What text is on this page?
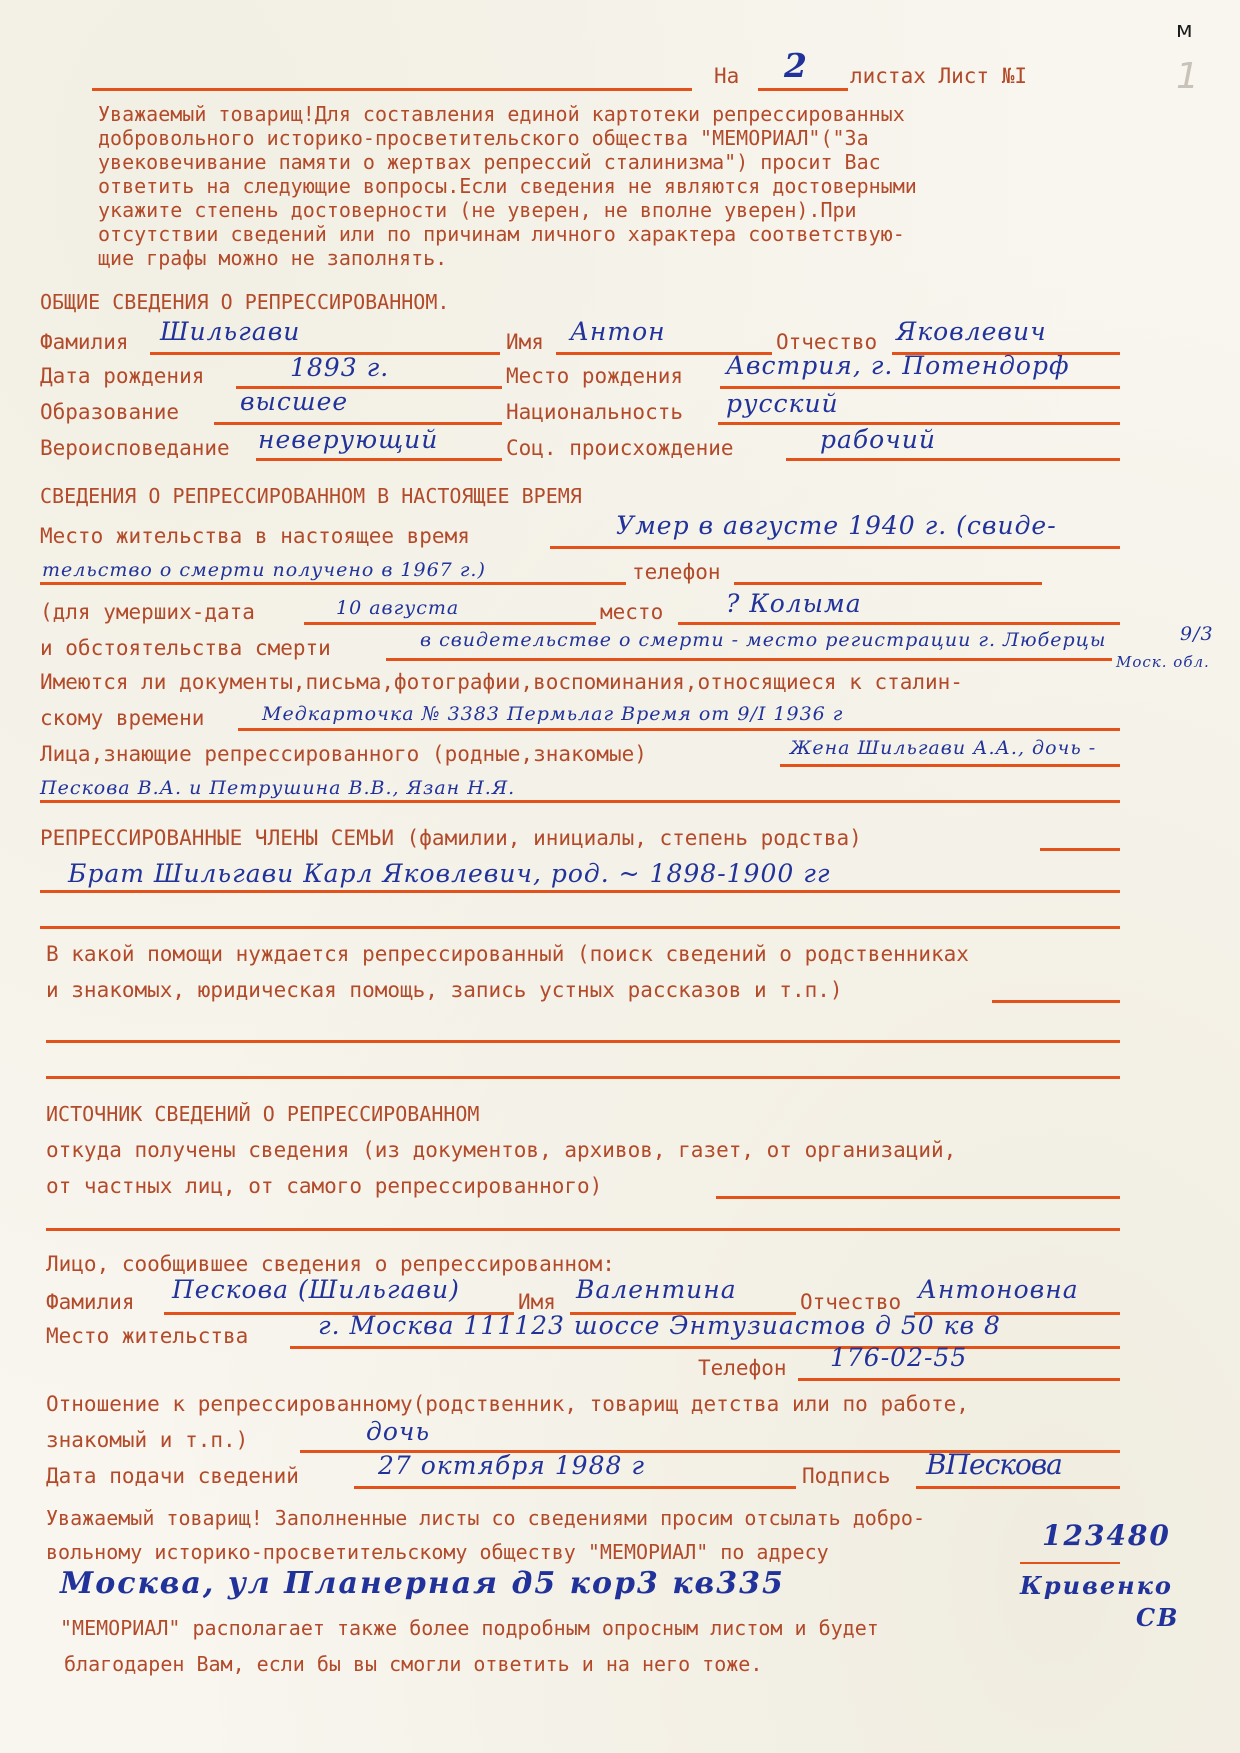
м
1
На 2 листах Лист №I
Уважаемый товарищ!Для составления единой картотеки репрессированных
добровольного историко-просветительского общества "МЕМОРИАЛ"("За
увековечивание памяти о жертвах репрессий сталинизма") просит Вас
ответить на следующие вопросы.Если сведения не являются достоверными
укажите степень достоверности (не уверен, не вполне уверен).При
отсутствии сведений или по причинам личного характера соответствую-
щие графы можно не заполнять.
ОБЩИЕ СВЕДЕНИЯ О РЕПРЕССИРОВАННОМ.
Фамилия Шильгави	Имя Антон	Отчество Яковлевич
Дата рождения	1893 г.	Место рождения Австрия, г. Потендорф
Образование высшее	Национальность русский
Вероисповедание неверующий	Соц. происхождение	рабочий
СВЕДЕНИЯ О РЕПРЕССИРОВАННОМ В НАСТОЯЩЕЕ ВРЕМЯ
Место жительства в настоящее время	Умер в августе 1940 г. (свиде-
тельство о смерти получено в 1967 г.)	телефон
(для умерших-дата	10 августа	место	? Колыма
и обстоятельства смерти	в свидетельстве о смерти - место регистрации г. Люберцы	9/3
Моск. обл.
Имеются ли документы,письма,фотографии,воспоминания,относящиеся к сталин-
скому времени	Медкарточка № 3383 Пермьлаг Время от 9/I 1936 г
Лица,знающие репрессированного (родные,знакомые)	Жена Шильгави А.А., дочь -
Пескова В.А. и Петрушина В.В., Язан Н.Я.
РЕПРЕССИРОВАННЫЕ ЧЛЕНЫ СЕМЬИ (фамилии, инициалы, степень родства)
Брат Шильгави Карл Яковлевич, род. ~ 1898-1900 гг
В какой помощи нуждается репрессированный (поиск сведений о родственниках
и знакомых, юридическая помощь, запись устных рассказов и т.п.)
ИСТОЧНИК СВЕДЕНИЙ О РЕПРЕССИРОВАННОМ
откуда получены сведения (из документов, архивов, газет, от организаций,
от частных лиц, от самого репрессированного)
Лицо, сообщившее сведения о репрессированном:
Фамилия Пескова (Шильгави)	Имя Валентина	Отчество Антоновна
Место жительства	г. Москва 111123 шоссе Энтузиастов д 50 кв 8
Телефон 176-02-55
Отношение к репрессированному(родственник, товарищ детства или по работе,
знакомый и т.п.)	дочь
Дата подачи сведений	27 октября 1988 г	Подпись ВПескова
Уважаемый товарищ! Заполненные листы со сведениями просим отсылать добро-
вольному историко-просветительскому обществу "МЕМОРИАЛ" по адресу	123480
Москва, ул Планерная д5 кор3 кв335	Кривенко
СВ
"МЕМОРИАЛ" располагает также более подробным опросным листом и будет
благодарен Вам, если бы вы смогли ответить и на него тоже.
